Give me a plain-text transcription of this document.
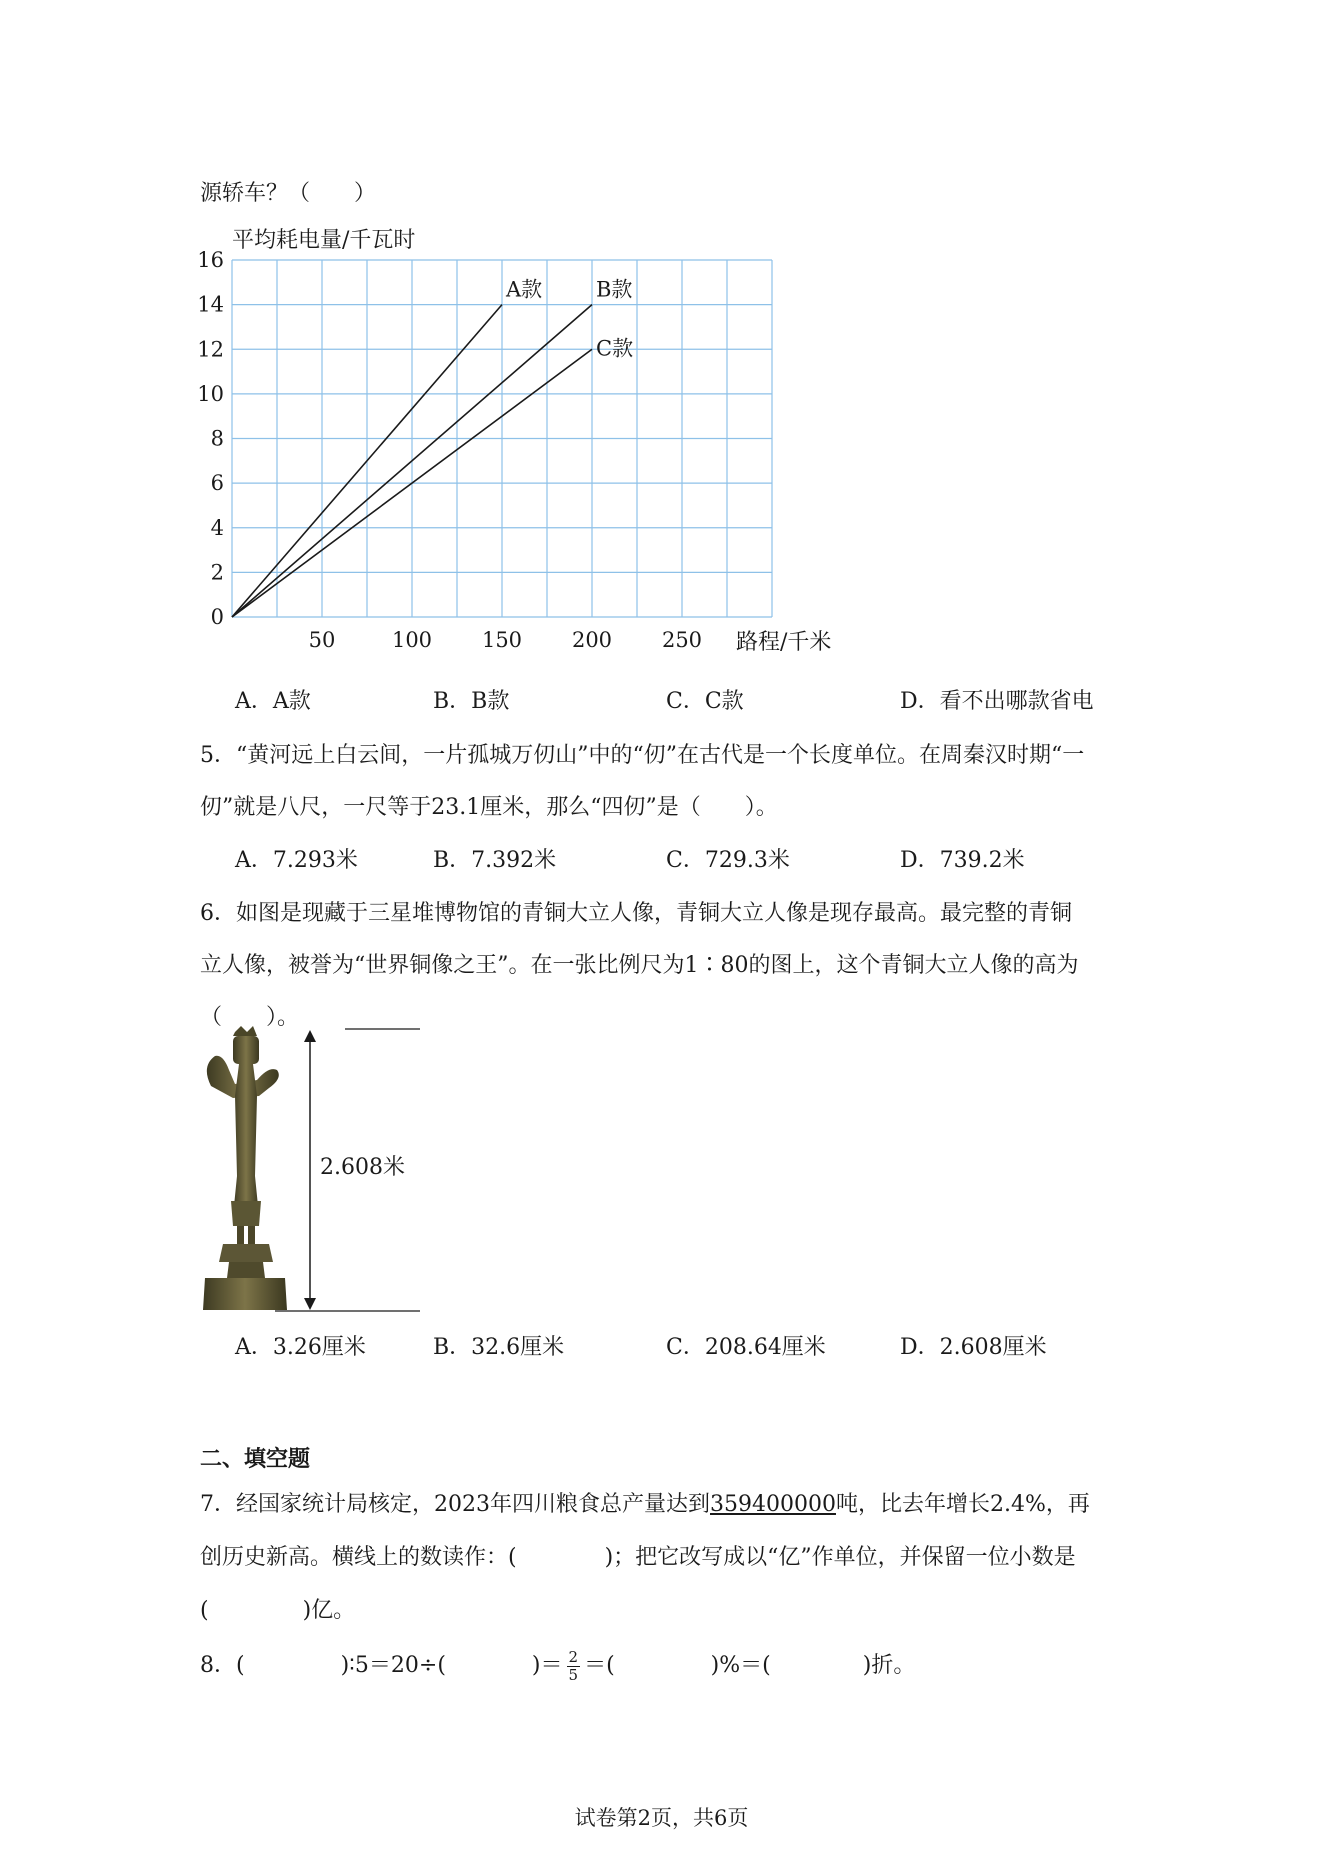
源轿车？（　　）
16
14
12
10
8
6
4
2
0
50	100 150 200 250
平均耗电量/千瓦时
路程/千米
A款	B款
C款
A．A款	B．B款	C．C款	D．看不出哪款省电
5．“黄河远上白云间，一片孤城万仞山”中的“仞”在古代是一个长度单位。在周秦汉时期“一
仞”就是八尺，一尺等于23.1厘米，那么“四仞”是（　　）。
A．7.293米	B．7.392米	C．729.3米	D．739.2米
6．如图是现藏于三星堆博物馆的青铜大立人像，青铜大立人像是现存最高。最完整的青铜
立人像，被誉为“世界铜像之王”。在一张比例尺为1∶80的图上，这个青铜大立人像的高为
（　　）。
2.608米
A．3.26厘米	B．32.6厘米	C．208.64厘米	D．2.608厘米
二、填空题
7．经国家统计局核定，2023年四川粮食总产量达到359400000吨，比去年增长2.4%，再
创历史新高。横线上的数读作：(	)；把它改写成以“亿”作单位，并保留一位小数是
(	)亿。
8．(	)∶5＝20÷(	)＝ $\frac{2}{5}$ ＝(	)%＝(	)折。
试卷第2页，共6页
